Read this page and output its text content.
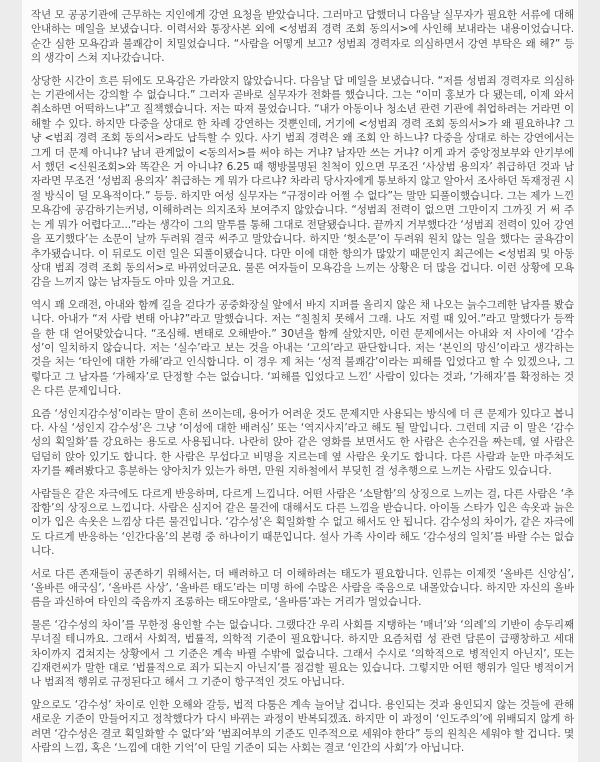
작년 모 공공기관에 근무하는 지인에게 강연 요청을 받았습니다. 그러마고 답했더니 다음날 실무자가 필요한 서류에 대해 안내하는 메일을 보냈습니다. 이력서와 통장사본 외에 <성범죄 경력 조회 동의서>에 사인해 보내라는 내용이었습니다. 순간 심한 모욕감과 불쾌감이 치밀었습니다. “사람을 어떻게 보고? 성범죄 경력자로 의심하면서 강연 부탁은 왜 해?” 등의 생각이 스쳐 지나갔습니다.

상당한 시간이 흐른 뒤에도 모욕감은 가라앉지 않았습니다. 다음날 답 메일을 보냈습니다. “저를 성범죄 경력자로 의심하는 기관에서는 강의할 수 없습니다.” 그러자 곧바로 실무자가 전화를 했습니다. 그는 “이미 홍보가 다 됐는데, 이제 와서 취소하면 어떡하느냐”고 질책했습니다. 저는 따져 물었습니다. “내가 아동이나 청소년 관련 기관에 취업하려는 거라면 이해할 수 있다. 하지만 다중을 상대로 한 차례 강연하는 것뿐인데, 거기에 <성범죄 경력 조회 동의서>가 왜 필요하냐? 그냥 <범죄 경력 조회 동의서>라도 납득할 수 있다. 사기 범죄 경력은 왜 조회 안 하느냐? 다중을 상대로 하는 강연에서는 그게 더 문제 아니냐? 남녀 관계없이 <동의서>를 써야 하는 거냐? 남자만 쓰는 거냐? 이게 과거 중앙정보부와 안기부에서 했던 <신원조회>와 똑같은 거 아니냐? 6.25 때 행방불명된 친척이 있으면 무조건 ‘사상범 용의자’ 취급하던 것과 남자라면 무조건 ‘성범죄 용의자’ 취급하는 게 뭐가 다르냐? 차라리 당사자에게 통보하지 않고 알아서 조사하던 독재정권 시절 방식이 덜 모욕적이다.” 등등. 하지만 여성 실무자는 “규정이라 어쩔 수 없다”는 말만 되풀이했습니다. 그는 제가 느낀 모욕감에 공감하기는커녕, 이해하려는 의지조차 보여주지 않았습니다. “성범죄 전력이 없으면 그만이지 그까짓 거 써 주는 게 뭐가 어렵다고...”라는 생각이 그의 말투를 통해 그대로 전달됐습니다. 끝까지 거부했다간 ‘성범죄 전력이 있어 강연을 포기했다’는 소문이 날까 두려워 결국 써주고 말았습니다. 하지만 ‘헛소문’이 두려워 원치 않는 일을 했다는 굴욕감이 추가됐습니다. 이 뒤로도 이런 일은 되풀이됐습니다. 다만 이에 대한 항의가 많았기 때문인지 최근에는 <성범죄 및 아동 상대 범죄 경력 조회 동의서>로 바뀌었더군요. 물론 여자들이 모욕감을 느끼는 상황은 더 많을 겁니다. 이런 상황에 모욕감을 느끼지 않는 남자들도 아마 있을 거고요.

역시 꽤 오래전, 아내와 함께 길을 걷다가 공중화장실 앞에서 바지 지퍼를 올리지 않은 채 나오는 늙수그레한 남자를 봤습니다. 아내가 “저 사람 변태 아냐?”라고 말했습니다. 저는 “칠칠치 못해서 그래. 나도 저럴 때 있어.”라고 말했다가 등짝을 한 대 얻어맞았습니다. “조심해. 변태로 오해받아.” 30년을 함께 살았지만, 이런 문제에서는 아내와 저 사이에 ‘감수성’이 일치하지 않습니다. 저는 ‘실수’라고 보는 것을 아내는 ‘고의’라고 판단합니다. 저는 ‘본인의 망신’이라고 생각하는 것을 처는 ‘타인에 대한 가해’라고 인식합니다. 이 경우 제 처는 ‘성적 불쾌감’이라는 피해를 입었다고 할 수 있겠으나, 그렇다고 그 남자를 ‘가해자’로 단정할 수는 없습니다. ‘피해를 입었다고 느낀’ 사람이 있다는 것과, ‘가해자’를 확정하는 것은 다른 문제입니다.

요즘 ‘성인지감수성’이라는 말이 흔히 쓰이는데, 용어가 어려운 것도 문제지만 사용되는 방식에 더 큰 문제가 있다고 봅니다. 사실 ‘성인지 감수성’은 그냥 ‘이성에 대한 배려심’ 또는 ‘역지사지’라고 해도 될 말입니다. 그런데 지금 이 말은 ‘감수성의 획일화’를 강요하는 용도로 사용됩니다. 나란히 앉아 같은 영화를 보면서도 한 사람은 손수건을 짜는데, 옆 사람은 덤덤히 앉아 있기도 합니다. 한 사람은 무섭다고 비명을 지르는데 옆 사람은 웃기도 합니다. 다른 사람과 눈만 마주쳐도 자기를 째려봤다고 흥분하는 양아치가 있는가 하면, 만원 지하철에서 부딪힌 걸 성추행으로 느끼는 사람도 있습니다.

사람들은 같은 자극에도 다르게 반응하며, 다르게 느낍니다. 어떤 사람은 ‘소탈함’의 상징으로 느끼는 걸, 다른 사람은 ‘추잡함’의 상징으로 느낍니다. 사람은 심지어 같은 물건에 대해서도 다른 느낌을 받습니다. 아이돌 스타가 입은 속옷과 늙은이가 입은 속옷은 느낌상 다른 물건입니다. ‘감수성’은 획일화할 수 없고 해서도 안 됩니다. 감수성의 차이가, 같은 자극에도 다르게 반응하는 ‘인간다움’의 본령 중 하나이기 때문입니다. 설사 가족 사이라 해도 ‘감수성의 일치’를 바랄 수는 없습니다.

서로 다른 존재들이 공존하기 위해서는, 더 배려하고 더 이해하려는 태도가 필요합니다. 인류는 이제껏 ‘올바른 신앙심’, ‘올바른 애국심’, ‘올바른 사상’, ‘올바른 태도’라는 미명 하에 수많은 사람을 죽음으로 내몰았습니다. 하지만 자신의 올바름을 과신하여 타인의 죽음까지 조롱하는 태도야말로, ‘올바름’과는 거리가 멀었습니다.

물론 ‘감수성의 차이’를 무한정 용인할 수는 없습니다. 그랬다간 우리 사회를 지탱하는 ‘매너’와 ‘의례’의 기반이 송두리째 무너질 테니까요. 그래서 사회적, 법률적, 의학적 기준이 필요합니다. 하지만 요즘처럼 성 관련 담론이 급팽창하고 세대 차이까지 겹쳐지는 상황에서 그 기준은 계속 바뀔 수밖에 없습니다. 그래서 수시로 ‘의학적으로 병적인지 아닌지’, 또는 김재련씨가 말한 대로 ‘법률적으로 죄가 되는지 아닌지’를 점검할 필요는 있습니다. 그렇지만 어떤 행위가 일단 병적이거나 범죄적 행위로 규정된다고 해서 그 기준이 항구적인 것도 아닙니다.

앞으로도 ‘감수성’ 차이로 인한 오해와 갈등, 법적 다툼은 계속 늘어날 겁니다. 용인되는 것과 용인되지 않는 것들에 관해 새로운 기준이 만들어지고 정착했다가 다시 바뀌는 과정이 반복되겠죠. 하지만 이 과정이 ‘인도주의’에 위배되지 않게 하려면 ‘감수성은 결코 획일화할 수 없다’와 ‘범죄여부의 기준도 민주적으로 세워야 한다” 등의 원칙은 세워야 할 겁니다. 몇 사람의 느낌, 혹은 ‘느낌에 대한 기억’이 단일 기준이 되는 사회는 결코 ‘인간의 사회’가 아닙니다.
